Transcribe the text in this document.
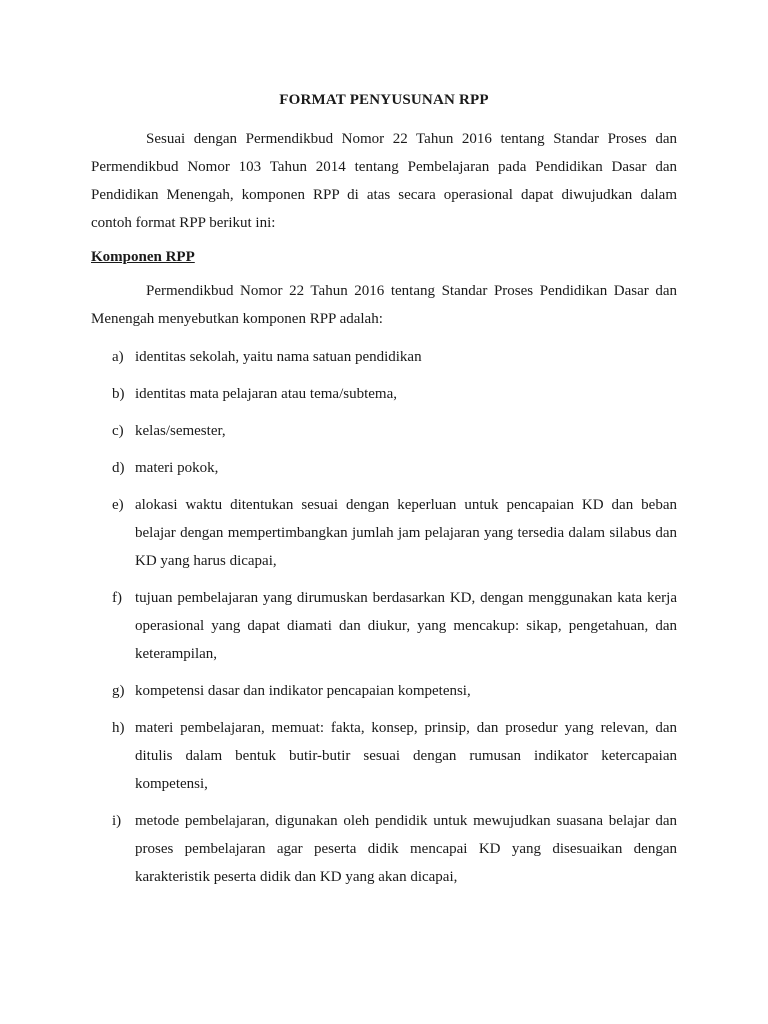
FORMAT PENYUSUNAN RPP

Sesuai dengan Permendikbud Nomor 22 Tahun 2016 tentang Standar Proses dan Permendikbud Nomor 103 Tahun 2014 tentang Pembelajaran pada Pendidikan Dasar dan Pendidikan Menengah, komponen RPP di atas secara operasional dapat diwujudkan dalam contoh format RPP berikut ini:

Komponen RPP

Permendikbud Nomor 22 Tahun 2016 tentang Standar Proses Pendidikan Dasar dan Menengah menyebutkan komponen RPP adalah:

a) identitas sekolah, yaitu nama satuan pendidikan
b) identitas mata pelajaran atau tema/subtema,
c) kelas/semester,
d) materi pokok,
e) alokasi waktu ditentukan sesuai dengan keperluan untuk pencapaian KD dan beban belajar dengan mempertimbangkan jumlah jam pelajaran yang tersedia dalam silabus dan KD yang harus dicapai,
f) tujuan pembelajaran yang dirumuskan berdasarkan KD, dengan menggunakan kata kerja operasional yang dapat diamati dan diukur, yang mencakup: sikap, pengetahuan, dan keterampilan,
g) kompetensi dasar dan indikator pencapaian kompetensi,
h) materi pembelajaran, memuat: fakta, konsep, prinsip, dan prosedur yang relevan, dan ditulis dalam bentuk butir-butir sesuai dengan rumusan indikator ketercapaian kompetensi,
i) metode pembelajaran, digunakan oleh pendidik untuk mewujudkan suasana belajar dan proses pembelajaran agar peserta didik mencapai KD yang disesuaikan dengan karakteristik peserta didik dan KD yang akan dicapai,
